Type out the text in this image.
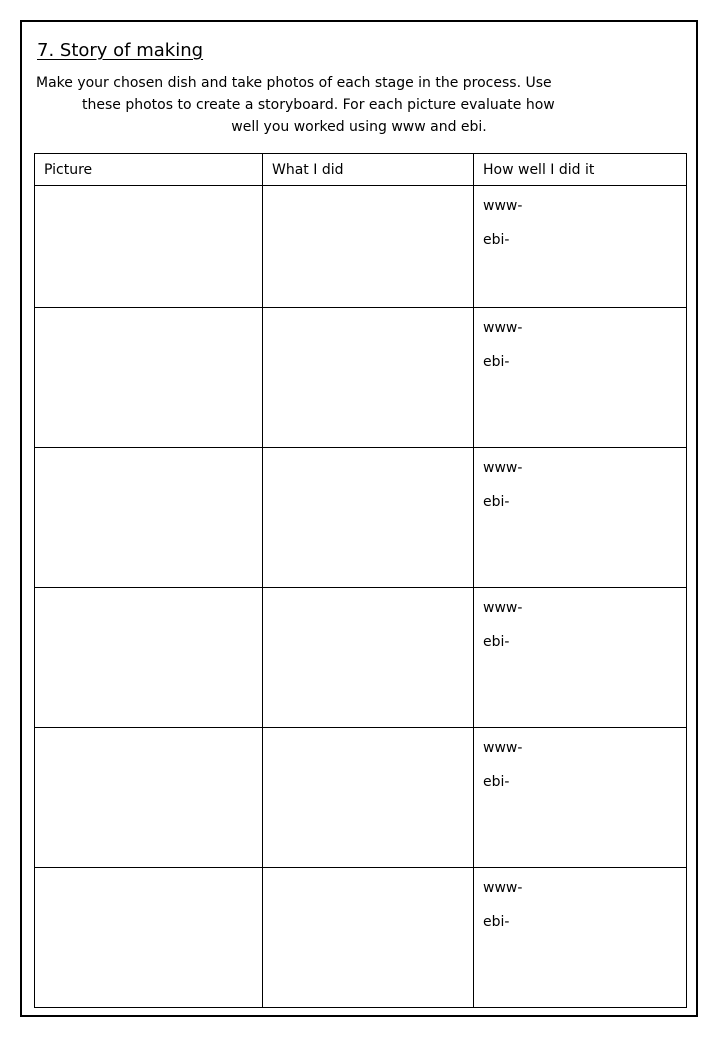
7. Story of making
Make your chosen dish and take photos of each stage in the process. Use
these photos to create a storyboard. For each picture evaluate how
well you worked using www and ebi.
Picture	What I did	How well I did it

		www-
ebi-

		www-
ebi-

		www-
ebi-

		www-
ebi-

		www-
ebi-

		www-
ebi-
